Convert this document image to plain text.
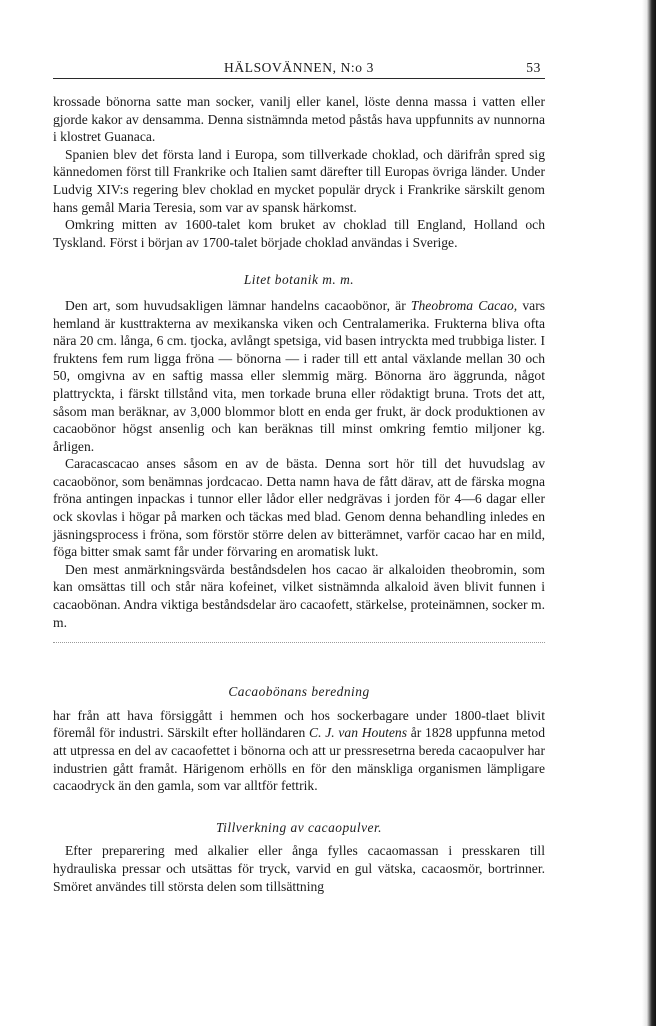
HÄLSOVÄNNEN, N:o 3	53

krossade bönorna satte man socker, vanilj eller kanel, löste denna massa i vatten eller gjorde kakor av densamma. Denna sistnämnda metod påstås hava uppfunnits av nunnorna i klostret Guanaca.

Spanien blev det första land i Europa, som tillverkade choklad, och därifrån spred sig kännedomen först till Frankrike och Italien samt därefter till Europas övriga länder. Under Ludvig XIV:s regering blev choklad en mycket populär dryck i Frankrike särskilt genom hans gemål Maria Teresia, som var av spansk härkomst.

Omkring mitten av 1600-talet kom bruket av choklad till England, Holland och Tyskland. Först i början av 1700-talet började choklad användas i Sverige.

Litet botanik m. m.

Den art, som huvudsakligen lämnar handelns cacaobönor, är Theobroma Cacao, vars hemland är kusttrakterna av mexikanska viken och Centralamerika. Frukterna bliva ofta nära 20 cm. långa, 6 cm. tjocka, avlångt spetsiga, vid basen intryckta med trubbiga lister. I fruktens fem rum ligga fröna — bönorna — i rader till ett antal växlande mellan 30 och 50, omgivna av en saftig massa eller slemmig märg. Bönorna äro äggrunda, något plattryckta, i färskt tillstånd vita, men torkade bruna eller rödaktigt bruna. Trots det att, såsom man beräknar, av 3,000 blommor blott en enda ger frukt, är dock produktionen av cacaobönor högst ansenlig och kan beräknas till minst omkring femtio miljoner kg. årligen.

Caracascacao anses såsom en av de bästa. Denna sort hör till det huvudslag av cacaobönor, som benämnas jordcacao. Detta namn hava de fått därav, att de färska mogna fröna antingen inpackas i tunnor eller lådor eller nedgrävas i jorden för 4—6 dagar eller ock skovlas i högar på marken och täckas med blad. Genom denna behandling inledes en jäsningsprocess i fröna, som förstör större delen av bitterämnet, varför cacao har en mild, föga bitter smak samt får under förvaring en aromatisk lukt.

Den mest anmärkningsvärda beståndsdelen hos cacao är alkaloiden theobromin, som kan omsättas till och står nära kofeinet, vilket sistnämnda alkaloid även blivit funnen i cacaobönan. Andra viktiga beståndsdelar äro cacaofett, stärkelse, proteinämnen, socker m. m.

Cacaobönans beredning

har från att hava försiggått i hemmen och hos sockerbagare under 1800-tlaet blivit föremål för industri. Särskilt efter holländaren C. J. van Houtens år 1828 uppfunna metod att utpressa en del av cacaofettet i bönorna och att ur pressresetrna bereda cacaopulver har industrien gått framåt. Härigenom erhölls en för den mänskliga organismen lämpligare cacaodryck än den gamla, som var alltför fettrik.

Tillverkning av cacaopulver.

Efter preparering med alkalier eller ånga fylles cacaomassan i presskaren till hydrauliska pressar och utsättas för tryck, varvid en gul vätska, cacaosmör, bortrinner. Smöret användes till största delen som tillsättning
